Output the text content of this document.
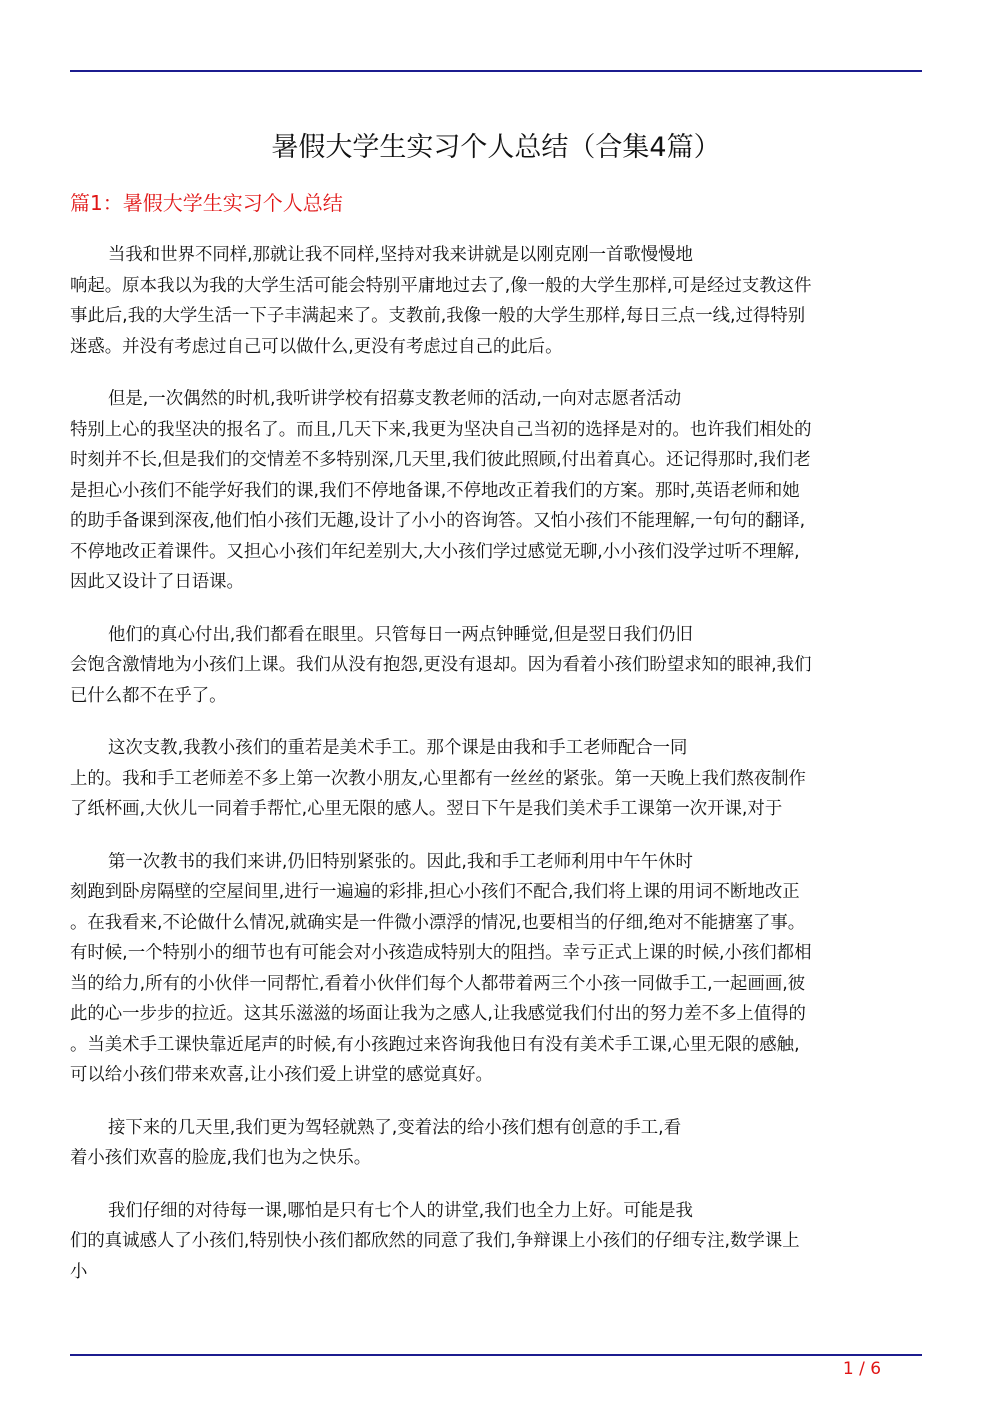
暑假大学生实习个人总结（合集4篇）
篇1：暑假大学生实习个人总结
当我和世界不同样,那就让我不同样,坚持对我来讲就是以刚克刚一首歌慢慢地
响起。原本我以为我的大学生活可能会特别平庸地过去了,像一般的大学生那样,可是经过支教这件
事此后,我的大学生活一下子丰满起来了。支教前,我像一般的大学生那样,每日三点一线,过得特别
迷惑。并没有考虑过自己可以做什么,更没有考虑过自己的此后。
但是,一次偶然的时机,我听讲学校有招募支教老师的活动,一向对志愿者活动
特别上心的我坚决的报名了。而且,几天下来,我更为坚决自己当初的选择是对的。也许我们相处的
时刻并不长,但是我们的交情差不多特别深,几天里,我们彼此照顾,付出着真心。还记得那时,我们老
是担心小孩们不能学好我们的课,我们不停地备课,不停地改正着我们的方案。那时,英语老师和她
的助手备课到深夜,他们怕小孩们无趣,设计了小小的咨询答。又怕小孩们不能理解,一句句的翻译,
不停地改正着课件。又担心小孩们年纪差别大,大小孩们学过感觉无聊,小小孩们没学过听不理解,
因此又设计了日语课。
他们的真心付出,我们都看在眼里。只管每日一两点钟睡觉,但是翌日我们仍旧
会饱含激情地为小孩们上课。我们从没有抱怨,更没有退却。因为看着小孩们盼望求知的眼神,我们
已什么都不在乎了。
这次支教,我教小孩们的重若是美术手工。那个课是由我和手工老师配合一同
上的。我和手工老师差不多上第一次教小朋友,心里都有一丝丝的紧张。第一天晚上我们熬夜制作
了纸杯画,大伙儿一同着手帮忙,心里无限的感人。翌日下午是我们美术手工课第一次开课,对于
第一次教书的我们来讲,仍旧特别紧张的。因此,我和手工老师利用中午午休时
刻跑到卧房隔壁的空屋间里,进行一遍遍的彩排,担心小孩们不配合,我们将上课的用词不断地改正
。在我看来,不论做什么情况,就确实是一件微小漂浮的情况,也要相当的仔细,绝对不能搪塞了事。
有时候,一个特别小的细节也有可能会对小孩造成特别大的阻挡。幸亏正式上课的时候,小孩们都相
当的给力,所有的小伙伴一同帮忙,看着小伙伴们每个人都带着两三个小孩一同做手工,一起画画,彼
此的心一步步的拉近。这其乐滋滋的场面让我为之感人,让我感觉我们付出的努力差不多上值得的
。当美术手工课快靠近尾声的时候,有小孩跑过来咨询我他日有没有美术手工课,心里无限的感触,
可以给小孩们带来欢喜,让小孩们爱上讲堂的感觉真好。
接下来的几天里,我们更为驾轻就熟了,变着法的给小孩们想有创意的手工,看
着小孩们欢喜的脸庞,我们也为之快乐。
我们仔细的对待每一课,哪怕是只有七个人的讲堂,我们也全力上好。可能是我
们的真诚感人了小孩们,特别快小孩们都欣然的同意了我们,争辩课上小孩们的仔细专注,数学课上
小
1 / 6
